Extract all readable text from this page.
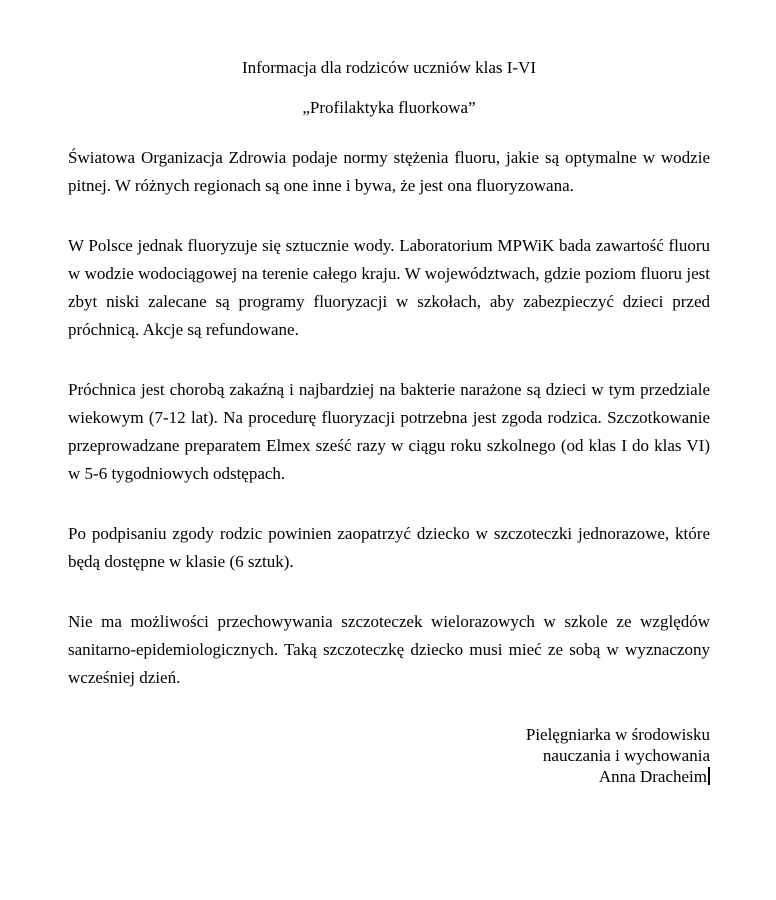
Informacja dla rodziców uczniów klas I-VI
„Profilaktyka fluorkowa”

Światowa Organizacja Zdrowia podaje normy stężenia fluoru, jakie są optymalne w wodzie pitnej. W różnych regionach są one inne i bywa, że jest ona fluoryzowana.

W Polsce jednak fluoryzuje się sztucznie wody. Laboratorium MPWiK bada zawartość fluoru w wodzie wodociągowej na terenie całego kraju. W województwach, gdzie poziom fluoru jest zbyt niski zalecane są programy fluoryzacji w szkołach, aby zabezpieczyć dzieci przed próchnicą. Akcje są refundowane.

Próchnica jest chorobą zakaźną i najbardziej na bakterie narażone są dzieci w tym przedziale wiekowym (7-12 lat). Na procedurę fluoryzacji potrzebna jest zgoda rodzica. Szczotkowanie przeprowadzane preparatem Elmex sześć razy w ciągu roku szkolnego (od klas I do klas VI) w 5-6 tygodniowych odstępach.

Po podpisaniu zgody rodzic powinien zaopatrzyć dziecko w szczoteczki jednorazowe, które będą dostępne w klasie (6 sztuk).

Nie ma możliwości przechowywania szczoteczek wielorazowych w szkole ze względów sanitarno-epidemiologicznych. Taką szczoteczkę dziecko musi mieć ze sobą w wyznaczony wcześniej dzień.

Pielęgniarka w środowisku
nauczania i wychowania
Anna Dracheim
